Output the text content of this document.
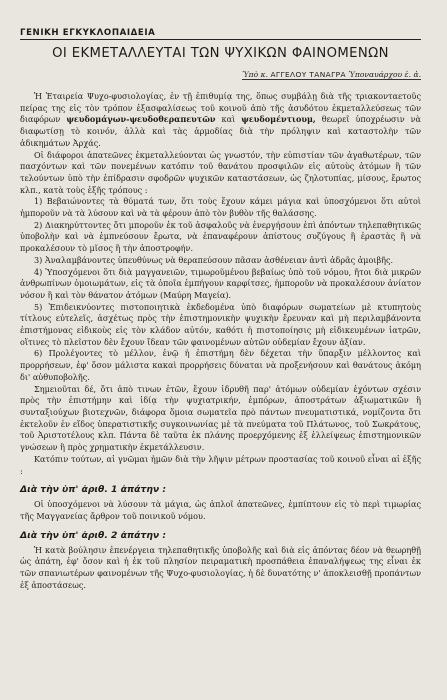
ΓΕΝΙΚΗ ΕΓΚΥΚΛΟΠΑΙΔΕΙΑ
ΟΙ ΕΚΜΕΤΑΛΛΕΥΤΑΙ ΤΩΝ ΨΥΧΙΚΩΝ ΦΑΙΝΟΜΕΝΩΝ
Ὑπὸ κ. ΑΓΓΕΛΟΥ ΤΑΝΑΓΡΑ Ὑποναυάρχου ἐ. ἀ.

Ἡ Ἑταιρεία Ψυχο-φυσιολογίας, ἐν τῇ ἐπιθυμίᾳ της, ὅπως συμβάλῃ διὰ τῆς τριακονταετοῦς πείρας της εἰς τὸν τρόπον ἐξασφαλίσεως τοῦ κοινοῦ ἀπὸ τῆς ἀσυδότου ἐκμεταλλεύσεως τῶν διαφόρων ψευδομάγων-ψευδοθεραπευτῶν καὶ ψευδομέντιουμ, θεωρεῖ ὑποχρέωσιν νὰ διαφωτίσῃ τὸ κοινόν, ἀλλὰ καὶ τὰς ἁρμοδίας διὰ τὴν πρόληψιν καὶ καταστολὴν τῶν ἀδικημάτων Ἀρχάς.

Οἱ διάφοροι ἀπατεῶνες ἐκμεταλλεύονται ὡς γνωστόν, τὴν εὐπιστίαν τῶν ἀγαθωτέρων, τῶν πασχόντων καὶ τῶν πονεμένων κατόπιν τοῦ θανάτου προσφιλῶν εἰς αὐτοὺς ἀτόμων ἢ τῶν τελούντων ὑπὸ τὴν ἐπίδρασιν σφοδρῶν ψυχικῶν καταστάσεων, ὡς ζηλοτυπίας, μίσους, ἔρωτος κλπ., κατὰ τοὺς ἑξῆς τρόπους :

1) Βεβαιώνοντες τὰ θύματά των, ὅτι τοὺς ἔχουν κάμει μάγια καὶ ὑποσχόμενοι ὅτι αὐτοὶ ἠμποροῦν νὰ τὰ λύσουν καὶ νὰ τὰ φέρουν ἀπὸ τὸν βυθὸν τῆς θαλάσσης.

2) Διακηρύττοντες ὅτι μποροῦν ἐκ τοῦ ἀσφαλοῦς νὰ ἐνεργήσουν ἐπὶ ἀπόντων τηλεπαθητικῶς ὑποβολὴν καὶ νὰ ἐμπνεύσουν ἔρωτα, νὰ ἐπαναφέρουν ἀπίστους συζύγους ἢ ἐραστὰς ἢ νὰ προκαλέσουν τὸ μῖσος ἢ τὴν ἀποστροφήν.

3) Ἀναλαμβάνοντες ὑπευθύνως νὰ θεραπεύσουν πᾶσαν ἀσθένειαν ἀντὶ ἁδρᾶς ἀμοιβῆς.

4) Ὑποσχόμενοι ὅτι διὰ μαγγανειῶν, τιμωροῦμένου βεβαίως ὑπὸ τοῦ νόμου, ἤτοι διὰ μικρῶν ἀνθρωπίνων ὁμοιωμάτων, εἰς τὰ ὁποῖα ἐμπήγουν καρφίτσες, ἠμποροῦν νὰ προκαλέσουν ἀνίατον νόσον ἢ καὶ τὸν θάνατον ἀτόμων (Μαύρη Μαγεία).

5) Ἐπιδεικνύοντες πιστοποιητικὰ ἐκδεδομένα ὑπὸ διαφόρων σωματείων μὲ κτυπητοὺς τίτλους εὐτελεῖς, ἀσχέτως πρὸς τὴν ἐπιστημονικὴν ψυχικὴν ἔρευναν καὶ μὴ περιλαμβάνοντα ἐπιστήμονας εἰδικοὺς εἰς τὸν κλάδον αὐτόν, καθότι ἡ πιστοποίησις μὴ εἰδικευμένων ἰατρῶν, οἵτινες τὸ πλεῖστον δὲν ἔχουν ἴδεαν τῶν φαινομένων αὐτῶν οὐδεμίαν ἔχουν ἀξίαν.

6) Προλέγοντες τὸ μέλλον, ἐνῷ ἡ ἐπιστήμη δὲν δέχεται τὴν ὕπαρξιν μέλλοντος καὶ προρρήσεων, ἐφ' ὅσον μάλιστα κακαὶ προρρήσεις δύναται νὰ προξενήσουν καὶ θανάτους ἀκόμη δι' αὐθυποβολῆς.

Σημειοῦται δέ, ὅτι ἀπὸ τινων ἐτῶν, ἔχουν ἱδρυθῆ παρ' ἀτόμων οὐδεμίαν ἐχόντων σχέσιν πρὸς τὴν ἐπιστήμην καὶ ἰδίᾳ τὴν ψυχιατρικήν, ἐμπόρων, ἀποστράτων ἀξιωματικῶν ἢ συνταξιούχων βιοτεχνῶν, διάφορα ὅμοια σωματεῖα πρὸ πάντων πνευματιστικά, νομίζοντα ὅτι ἐκτελοῦν ἐν εἴδος ὑπερατιστικῆς συγκοινωνίας μὲ τὰ πνεύματα τοῦ Πλάτωνος, τοῦ Σωκράτους, τοῦ Ἀριστοτέλους κλπ. Πάντα δὲ ταῦτα ἐκ πλάνης προερχόμενης ἐξ ἐλλείψεως ἐπιστημονικῶν γνώσεων ἢ πρὸς χρηματικὴν ἐκμετάλλευσιν.

Κατόπιν τούτων, αἱ γνῶμαι ἡμῶν διὰ τὴν λῆψιν μέτρων προστασίας τοῦ κοινοῦ εἶναι αἱ ἑξῆς :

Διὰ τὴν ὑπ' ἀριθ. 1 ἀπάτην :

Οἱ ὑποσχόμενοι νὰ λύσουν τὰ μάγια, ὡς ἁπλοῖ ἀπατεῶνες, ἐμπίπτουν εἰς τὸ περὶ τιμωρίας τῆς Μαγγανείας ἄρθρον τοῦ ποινικοῦ νόμου.

Διὰ τὴν ὑπ' ἀριθ. 2 ἀπάτην :

Ἡ κατὰ βούλησιν ἐπενέργεια τηλεπαθητικῆς ὑποβολῆς καὶ διὰ εἰς ἀπόντας δέον νὰ θεωρηθῇ ὡς ἀπάτη, ἐφ' ὅσον καὶ ἡ ἐκ τοῦ πλησίον πειραματικὴ προσπάθεια ἐπαναλήψεως της εἶναι ἐκ τῶν σπανιωτέρων φαινομένων τῆς Ψυχο-φυσιολογίας, ἡ δὲ δυνατότης ν' ἀποκλεισθῇ προπάντων ἐξ ἀποστάσεως.
